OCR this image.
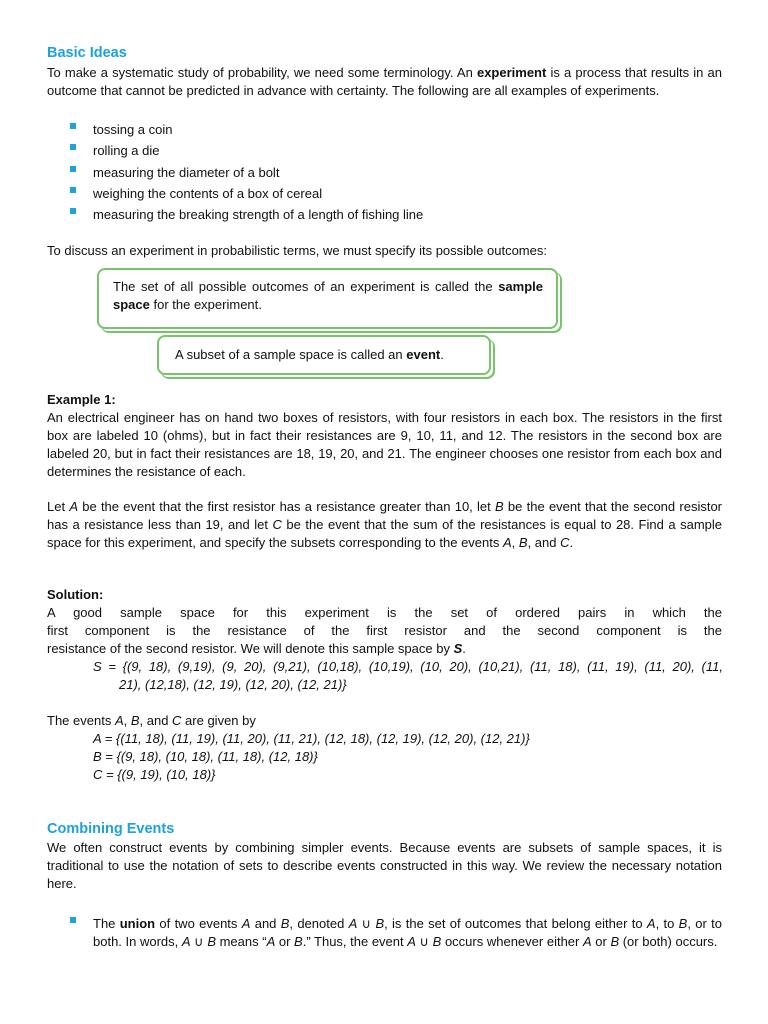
Basic Ideas
To make a systematic study of probability, we need some terminology. An experiment is a process that results in an outcome that cannot be predicted in advance with certainty. The following are all examples of experiments.
tossing a coin
rolling a die
measuring the diameter of a bolt
weighing the contents of a box of cereal
measuring the breaking strength of a length of fishing line
To discuss an experiment in probabilistic terms, we must specify its possible outcomes:
The set of all possible outcomes of an experiment is called the sample space for the experiment.
A subset of a sample space is called an event.
Example 1:
An electrical engineer has on hand two boxes of resistors, with four resistors in each box. The resistors in the first box are labeled 10 (ohms), but in fact their resistances are 9, 10, 11, and 12. The resistors in the second box are labeled 20, but in fact their resistances are 18, 19, 20, and 21. The engineer chooses one resistor from each box and determines the resistance of each.
Let A be the event that the first resistor has a resistance greater than 10, let B be the event that the second resistor has a resistance less than 19, and let C be the event that the sum of the resistances is equal to 28. Find a sample space for this experiment, and specify the subsets corresponding to the events A, B, and C.
Solution:
A good sample space for this experiment is the set of ordered pairs in which the
first component is the resistance of the first resistor and the second component is the
resistance of the second resistor. We will denote this sample space by S.
S = {(9, 18), (9,19), (9, 20), (9,21), (10,18), (10,19), (10, 20), (10,21), (11, 18), (11, 19), (11, 20), (11,
21), (12,18), (12, 19), (12, 20), (12, 21)}
The events A, B, and C are given by
A = {(11, 18), (11, 19), (11, 20), (11, 21), (12, 18), (12, 19), (12, 20), (12, 21)}
B = {(9, 18), (10, 18), (11, 18), (12, 18)}
C = {(9, 19), (10, 18)}
Combining Events
We often construct events by combining simpler events. Because events are subsets of sample spaces, it is traditional to use the notation of sets to describe events constructed in this way. We review the necessary notation here.
The union of two events A and B, denoted A ∪ B, is the set of outcomes that belong either to A, to B, or to both. In words, A ∪ B means “A or B.” Thus, the event A ∪ B occurs whenever either A or B (or both) occurs.
